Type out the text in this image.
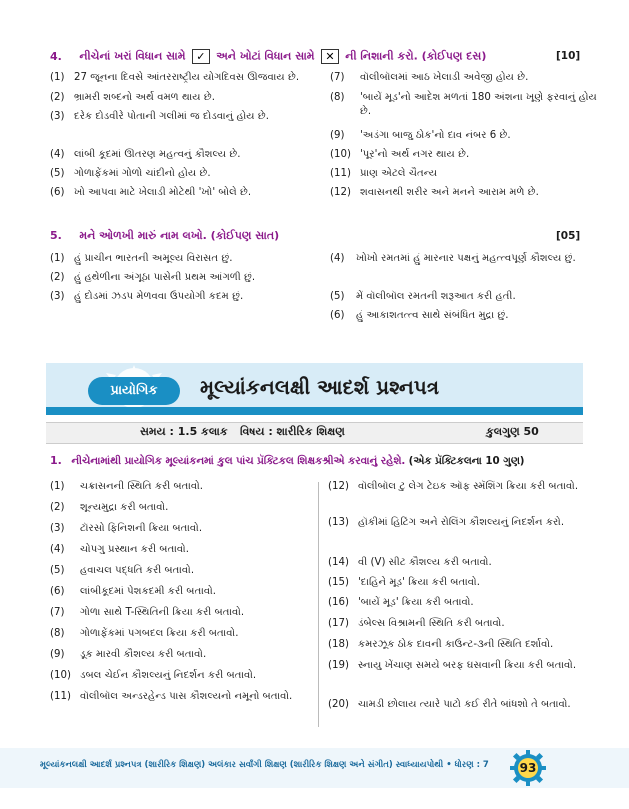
4. નીચેનાં ખરાં વિધાન સામે ✓ અને ખોટાં વિધાન સામે ✕ ની નિશાની કરો. (કોઈપણ દસ)	[10]
(1) 27 જૂનના દિવસે આંતરરાષ્ટ્રીય યોગદિવસ ઊજવાય છે.
(2) ભ્રામરી શબ્દનો અર્થ વમળ થાય છે.
(3) દરેક દોડવીરે પોતાની ગલીમાં જ દોડવાનું હોય છે.
(4) લાંબી કૂદમાં ઊતરણ મહત્વનું કૌશલ્ય છે.
(5) ગોળાફેંકમાં ગોળો ચાંદીનો હોય છે.
(6) ખો આપવા માટે ખેલાડી મોટેથી 'ખો' બોલે છે.
(7) વૉલીબૉલમાં આઠ ખેલાડી અવેજી હોય છે.
(8) 'બાયેં મૂડ'નો આદેશ મળતાં 180 અંશના ખૂણે ફરવાનું હોય છે.
(9) 'અડંગા બાજુ ઠોક'નો દાવ નંબર 6 છે.
(10) 'પૂર'નો અર્થ નગર થાય છે.
(11) પ્રાણ એટલે ચૈતન્ય
(12) શવાસનથી શરીર અને મનને આરામ મળે છે.
5. મને ઓળખી મારું નામ લખો. (કોઈપણ સાત)	[05]
(1) હું પ્રાચીન ભારતની અમૂલ્ય વિરાસત છું.
(2) હું હથેળીના અંગૂઠા પાસેની પ્રથમ આંગળી છું.
(3) હું દોડમાં ઝડપ મેળવવા ઉપયોગી કદમ છું.
(4) ખોખો રમતમાં હું મારનાર પક્ષનું મહત્ત્વપૂર્ણ કૌશલ્ય છું.
(5) મેં વૉલીબૉલ રમતની શરૂઆત કરી હતી.
(6) હું આકાશતત્ત્વ સાથે સંબંધિત મુદ્રા છું.
પ્રાયોગિક	મૂલ્યાંકનલક્ષી આદર્શ પ્રશ્નપત્ર
સમય : 1.5 કલાક વિષય : શારીરિક શિક્ષણ	કુલગુણ 50
1. નીચેનામાંથી પ્રાયોગિક મૂલ્યાંકનમાં કુલ પાંચ પ્રૅક્ટિકલ શિક્ષકશ્રીએ કરવાનું રહેશે. (એક પ્રૅક્ટિકલના 10 ગુણ)
(1) ચક્રાસનની સ્થિતિ કરી બતાવો.
(2) શૂન્યમુદ્રા કરી બતાવો.
(3) ટૉરસો ફિનિશની ક્રિયા બતાવો.
(4) ચોપગુ પ્રસ્થાન કરી બતાવો.
(5) હવાચલ પદ્ધતિ કરી બતાવો.
(6) લાંબીકૂદમાં પેશકદમી કરી બતાવો.
(7) ગોળા સાથે T-સ્થિતિની ક્રિયા કરી બતાવો.
(8) ગોળાફેંકમાં પગબદલ ક્રિયા કરી બતાવો.
(9) ડૂક મારવી કૌશલ્ય કરી બતાવો.
(10) ડબલ ચેઈન કૌશલ્યનું નિદર્શન કરી બતાવો.
(11) વૉલીબૉલ અન્ડરહેન્ડ પાસ કૌશલ્યનો નમૂનો બતાવો.
(12) વૉલીબૉલ ટુ લેગ ટેઇક ઑફ સ્મૅશિંગ ક્રિયા કરી બતાવો.
(13) હૉકીમાં હિટિંગ અને રોલિંગ કૌશલ્યનું નિદર્શન કરો.
(14) વી (V) સીટ કૌશલ્ય કરી બતાવો.
(15) 'દાહિને મૂડ' ક્રિયા કરી બતાવો.
(16) 'બાયેં મૂડ' ક્રિયા કરી બતાવો.
(17) ડંબેલ્સ વિશ્રામની સ્થિતિ કરી બતાવો.
(18) કમરઝૂક ઠોક દાવની કાઉન્ટ-૩ની સ્થિતિ દર્શાવો.
(19) સ્નાયુ ખેંચાણ સમયે બરફ ઘસવાની ક્રિયા કરી બતાવો.
(20) ચામડી છોલાય ત્યારે પાટો કઈ રીતે બાંધશો તે બતાવો.
મૂલ્યાંકનલક્ષી આદર્શ પ્રશ્નપત્ર (શારીરિક શિક્ષણ) અલંકાર સર્વાંગી શિક્ષણ (શારીરિક શિક્ષણ અને સંગીત) સ્વાધ્યાયપોથી • ધોરણ : 7	93
